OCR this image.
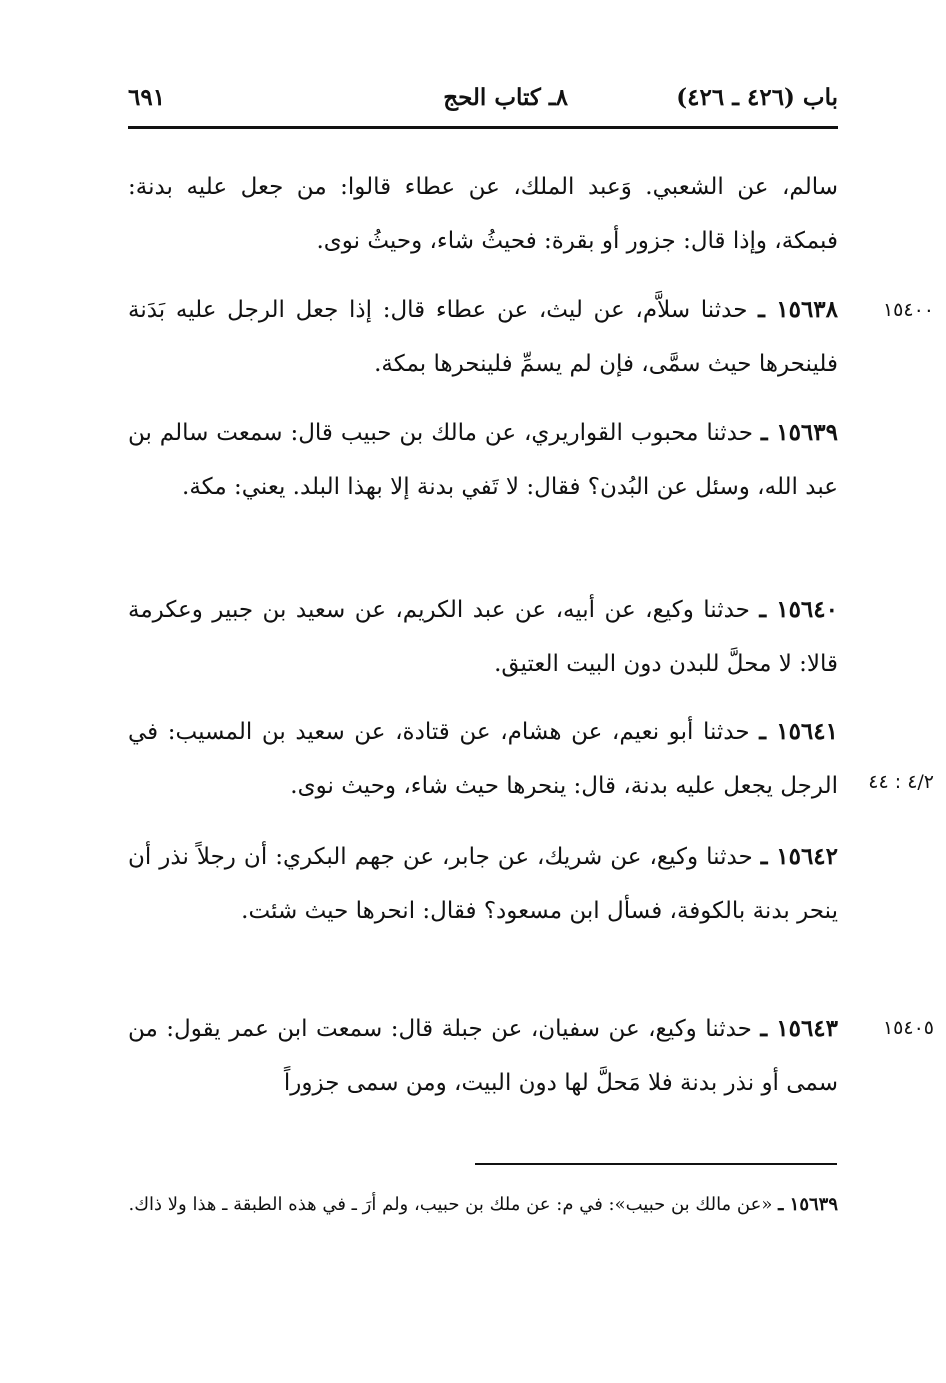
باب (٤٢٦ ـ ٤٢٦)
٨ـ كتاب الحج
٦٩١
سالم، عن الشعبي. وَعبد الملك، عن عطاء قالوا: من جعل عليه بدنة: فبمكة، وإذا قال: جزور أو بقرة: فحيثُ شاء، وحيثُ نوى.
١٥٤٠٠
١٥٦٣٨ ـ حدثنا سلاَّم، عن ليث، عن عطاء قال: إذا جعل الرجل عليه بَدَنة فلينحرها حيث سمَّى، فإن لم يسمِّ فلينحرها بمكة.
١٥٦٣٩ ـ حدثنا محبوب القواريري، عن مالك بن حبيب قال: سمعت سالم بن عبد الله، وسئل عن البُدن؟ فقال: لا تَفي بدنة إلا بهذا البلد. يعني: مكة.
١٥٦٤٠ ـ حدثنا وكيع، عن أبيه، عن عبد الكريم، عن سعيد بن جبير وعكرمة قالا: لا محلَّ للبدن دون البيت العتيق.
٤/٢ : ٤٤
١٥٦٤١ ـ حدثنا أبو نعيم، عن هشام، عن قتادة، عن سعيد بن المسيب: في الرجل يجعل عليه بدنة، قال: ينحرها حيث شاء، وحيث نوى.
١٥٦٤٢ ـ حدثنا وكيع، عن شريك، عن جابر، عن جهم البكري: أن رجلاً نذر أن ينحر بدنة بالكوفة، فسأل ابن مسعود؟ فقال: انحرها حيث شئت.
١٥٤٠٥
١٥٦٤٣ ـ حدثنا وكيع، عن سفيان، عن جبلة قال: سمعت ابن عمر يقول: من سمى أو نذر بدنة فلا مَحلَّ لها دون البيت، ومن سمى جزوراً
١٥٦٣٩ ـ «عن مالك بن حبيب»: في م: عن ملك بن حبيب، ولم أرَ ـ في هذه الطبقة ـ هذا ولا ذاك.
